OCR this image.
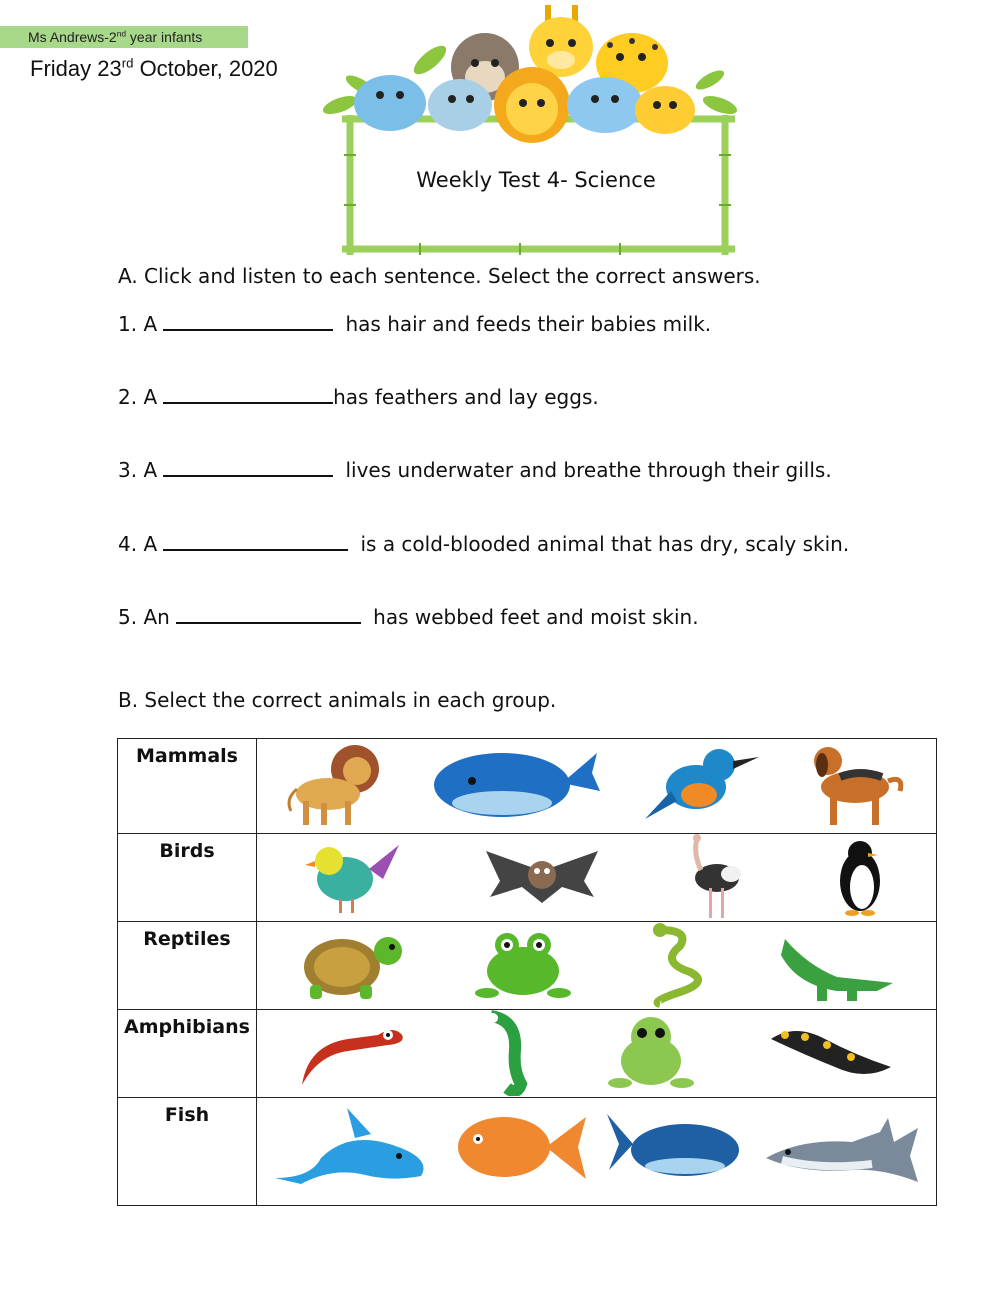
Ms Andrews-2nd year infants
Friday 23rd October, 2020
Weekly Test 4- Science
A. Click and listen to each sentence. Select the correct answers.
1. A	has hair and feeds their babies milk.
2. A	has feathers and lay eggs.
3. A	lives underwater and breathe through their gills.
4. A	is a cold-blooded animal that has dry, scaly skin.
5. An	has webbed feet and moist skin.
B. Select the correct animals in each group.
Mammals	

Birds	

Reptiles	

Amphibians	

Fish	
